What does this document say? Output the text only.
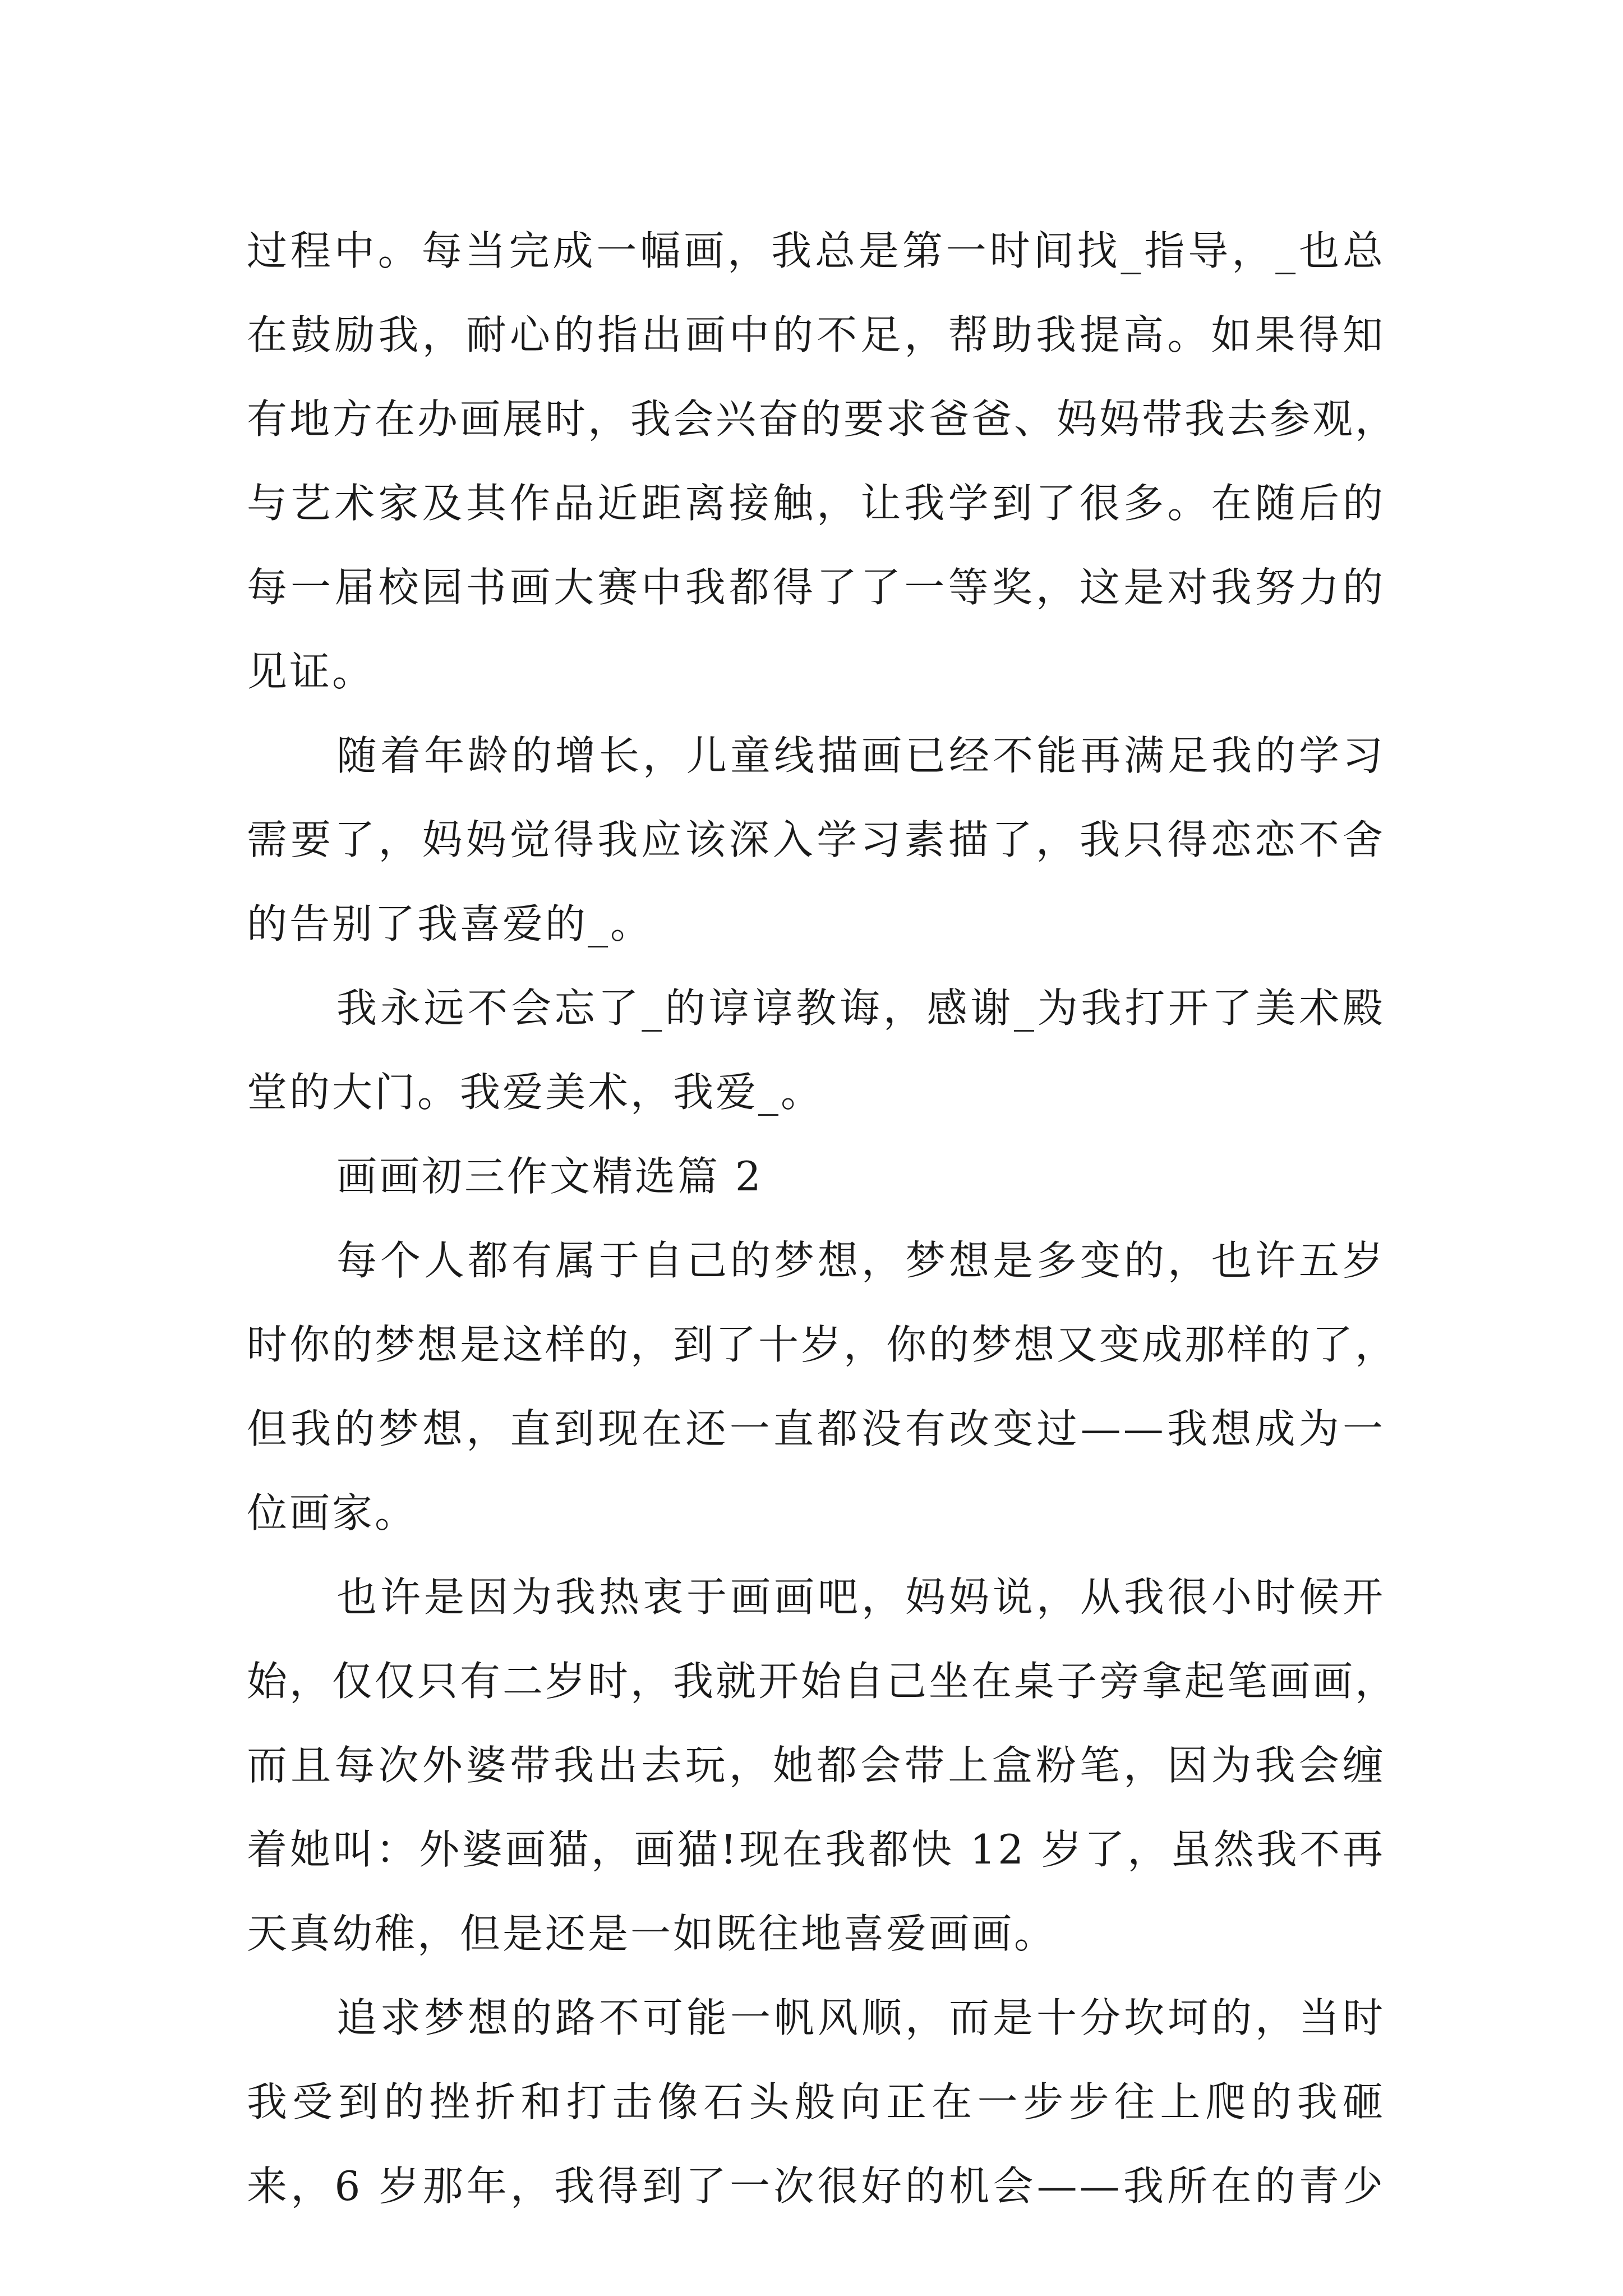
过程中。每当完成一幅画，我总是第一时间找_指导，_也总
在鼓励我，耐心的指出画中的不足，帮助我提高。如果得知
有地方在办画展时，我会兴奋的要求爸爸、妈妈带我去参观，
与艺术家及其作品近距离接触，让我学到了很多。在随后的
每一届校园书画大赛中我都得了了一等奖，这是对我努力的
见证。
随着年龄的增长，儿童线描画已经不能再满足我的学习
需要了，妈妈觉得我应该深入学习素描了，我只得恋恋不舍
的告别了我喜爱的_。
我永远不会忘了_的谆谆教诲，感谢_为我打开了美术殿
堂的大门。我爱美术，我爱_。
画画初三作文精选篇 2
每个人都有属于自己的梦想，梦想是多变的，也许五岁
时你的梦想是这样的，到了十岁，你的梦想又变成那样的了，
但我的梦想，直到现在还一直都没有改变过——我想成为一
位画家。
也许是因为我热衷于画画吧，妈妈说，从我很小时候开
始，仅仅只有二岁时，我就开始自己坐在桌子旁拿起笔画画，
而且每次外婆带我出去玩，她都会带上盒粉笔，因为我会缠
着她叫：外婆画猫，画猫!现在我都快 12 岁了，虽然我不再
天真幼稚，但是还是一如既往地喜爱画画。
追求梦想的路不可能一帆风顺，而是十分坎坷的，当时
我受到的挫折和打击像石头般向正在一步步往上爬的我砸
来，6 岁那年，我得到了一次很好的机会——我所在的青少
